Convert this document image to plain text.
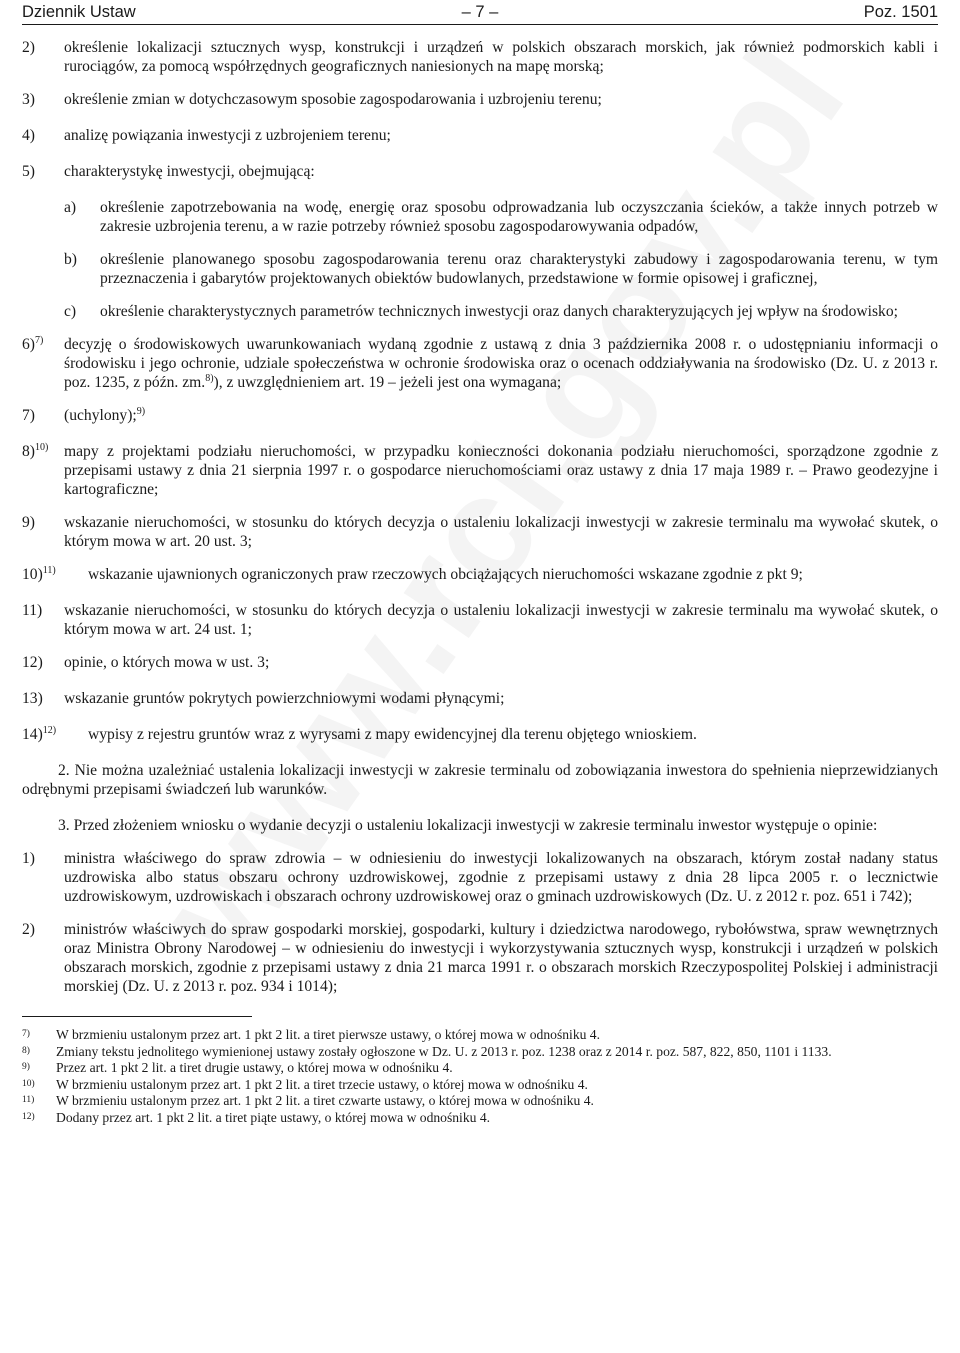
Dziennik Ustaw	– 7 –	Poz. 1501
2)	określenie lokalizacji sztucznych wysp, konstrukcji i urządzeń w polskich obszarach morskich, jak również podmorskich kabli i rurociągów, za pomocą współrzędnych geograficznych naniesionych na mapę morską;
3)	określenie zmian w dotychczasowym sposobie zagospodarowania i uzbrojeniu terenu;
4)	analizę powiązania inwestycji z uzbrojeniem terenu;
5)	charakterystykę inwestycji, obejmującą:
a)	określenie zapotrzebowania na wodę, energię oraz sposobu odprowadzania lub oczyszczania ścieków, a także innych potrzeb w zakresie uzbrojenia terenu, a w razie potrzeby również sposobu zagospodarowywania odpadów,
b)	określenie planowanego sposobu zagospodarowania terenu oraz charakterystyki zabudowy i zagospodarowania terenu, w tym przeznaczenia i gabarytów projektowanych obiektów budowlanych, przedstawione w formie opisowej i graficznej,
c)	określenie charakterystycznych parametrów technicznych inwestycji oraz danych charakteryzujących jej wpływ na środowisko;
6)$^{7)}$	decyzję o środowiskowych uwarunkowaniach wydaną zgodnie z ustawą z dnia 3 października 2008 r. o udostępnianiu informacji o środowisku i jego ochronie, udziale społeczeństwa w ochronie środowiska oraz o ocenach oddziaływania na środowisko (Dz. U. z 2013 r. poz. 1235, z późn. zm.$^{8)}$), z uwzględnieniem art. 19 – jeżeli jest ona wymagana;
7)	(uchylony);$^{9)}$
8)$^{10)}$	mapy z projektami podziału nieruchomości, w przypadku konieczności dokonania podziału nieruchomości, sporządzone zgodnie z przepisami ustawy z dnia 21 sierpnia 1997 r. o gospodarce nieruchomościami oraz ustawy z dnia 17 maja 1989 r. – Prawo geodezyjne i kartograficzne;
9)	wskazanie nieruchomości, w stosunku do których decyzja o ustaleniu lokalizacji inwestycji w zakresie terminalu ma wywołać skutek, o którym mowa w art. 20 ust. 3;
10)$^{11)}$	wskazanie ujawnionych ograniczonych praw rzeczowych obciążających nieruchomości wskazane zgodnie z pkt 9;
11)	wskazanie nieruchomości, w stosunku do których decyzja o ustaleniu lokalizacji inwestycji w zakresie terminalu ma wywołać skutek, o którym mowa w art. 24 ust. 1;
12)	opinie, o których mowa w ust. 3;
13)	wskazanie gruntów pokrytych powierzchniowymi wodami płynącymi;
14)$^{12)}$	wypisy z rejestru gruntów wraz z wyrysami z mapy ewidencyjnej dla terenu objętego wnioskiem.
2. Nie można uzależniać ustalenia lokalizacji inwestycji w zakresie terminalu od zobowiązania inwestora do spełnienia nieprzewidzianych odrębnymi przepisami świadczeń lub warunków.
3. Przed złożeniem wniosku o wydanie decyzji o ustaleniu lokalizacji inwestycji w zakresie terminalu inwestor występuje o opinie:
1)	ministra właściwego do spraw zdrowia – w odniesieniu do inwestycji lokalizowanych na obszarach, którym został nadany status uzdrowiska albo status obszaru ochrony uzdrowiskowej, zgodnie z przepisami ustawy z dnia 28 lipca 2005 r. o lecznictwie uzdrowiskowym, uzdrowiskach i obszarach ochrony uzdrowiskowej oraz o gminach uzdrowiskowych (Dz. U. z 2012 r. poz. 651 i 742);
2)	ministrów właściwych do spraw gospodarki morskiej, gospodarki, kultury i dziedzictwa narodowego, rybołówstwa, spraw wewnętrznych oraz Ministra Obrony Narodowej – w odniesieniu do inwestycji i wykorzystywania sztucznych wysp, konstrukcji i urządzeń w polskich obszarach morskich, zgodnie z przepisami ustawy z dnia 21 marca 1991 r. o obszarach morskich Rzeczypospolitej Polskiej i administracji morskiej (Dz. U. z 2013 r. poz. 934 i 1014);
7)	W brzmieniu ustalonym przez art. 1 pkt 2 lit. a tiret pierwsze ustawy, o której mowa w odnośniku 4.
8)	Zmiany tekstu jednolitego wymienionej ustawy zostały ogłoszone w Dz. U. z 2013 r. poz. 1238 oraz z 2014 r. poz. 587, 822, 850, 1101 i 1133.
9)	Przez art. 1 pkt 2 lit. a tiret drugie ustawy, o której mowa w odnośniku 4.
10)	W brzmieniu ustalonym przez art. 1 pkt 2 lit. a tiret trzecie ustawy, o której mowa w odnośniku 4.
11)	W brzmieniu ustalonym przez art. 1 pkt 2 lit. a tiret czwarte ustawy, o której mowa w odnośniku 4.
12)	Dodany przez art. 1 pkt 2 lit. a tiret piąte ustawy, o której mowa w odnośniku 4.
